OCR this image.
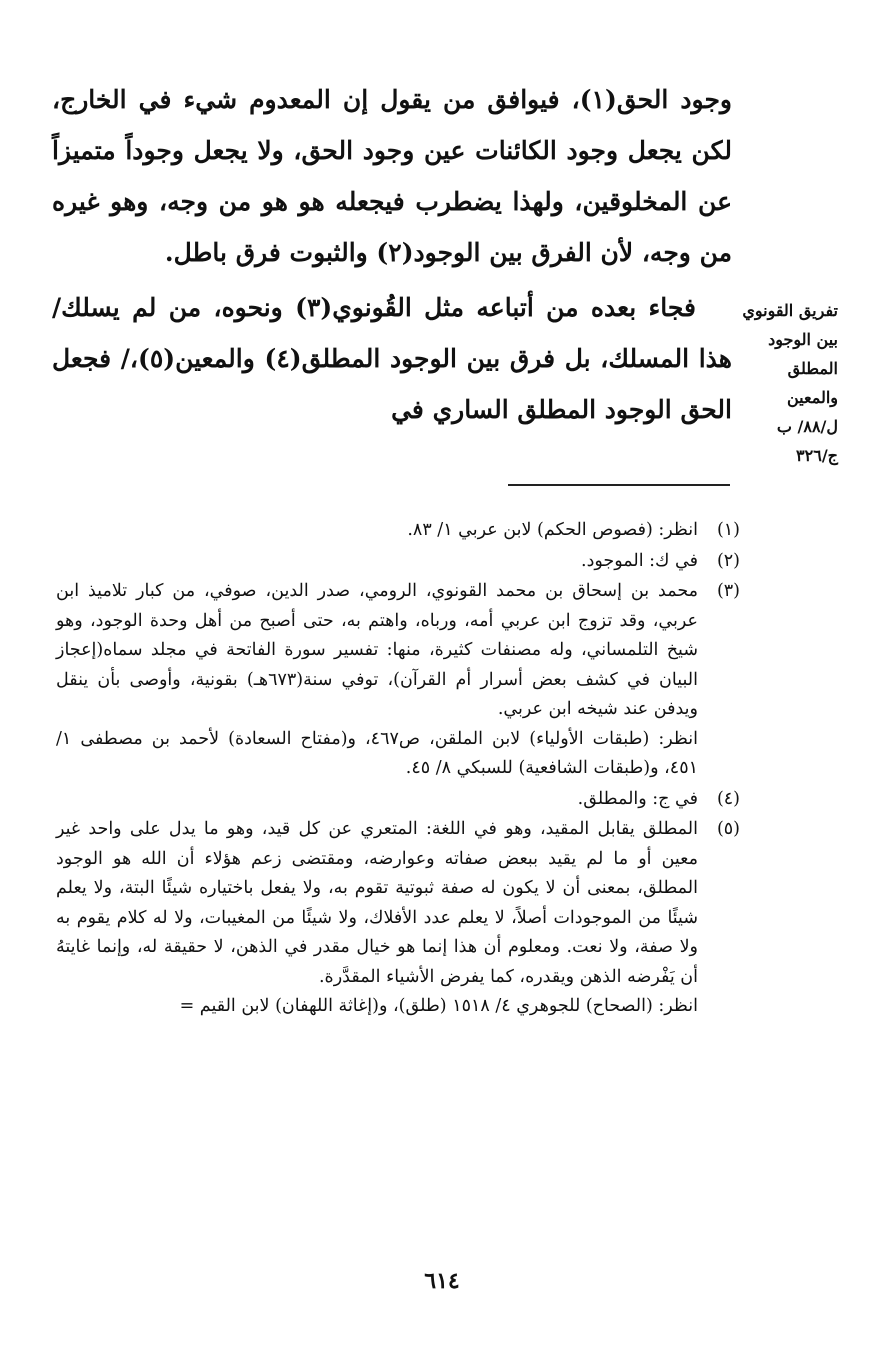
وجود الحق(١)، فيوافق من يقول إن المعدوم شيء في الخارج، لكن يجعل وجود الكائنات عين وجود الحق، ولا يجعل وجوداً متميزاً عن المخلوقين، ولهذا يضطرب فيجعله هو هو من وجه، وهو غيره من وجه، لأن الفرق بين الوجود(٢) والثبوت فرق باطل.

فجاء بعده من أتباعه مثل القُونوي(٣) ونحوه، من لم يسلك/ هذا المسلك، بل فرق بين الوجود المطلق(٤) والمعين(٥)،/ فجعل الحق الوجود المطلق الساري في

تفريق القونوي
بين الوجود
المطلق
والمعين
ل/٨٨/ ب
ج/٣٢٦
(١)

انظر: (فصوص الحكم) لابن عربي ١/ ٨٣.

(٢)

في ك: الموجود.

(٣)

محمد بن إسحاق بن محمد القونوي، الرومي، صدر الدين، صوفي، من كبار تلاميذ ابن عربي، وقد تزوج ابن عربي أمه، ورباه، واهتم به، حتى أصبح من أهل وحدة الوجود، وهو شيخ التلمساني، وله مصنفات كثيرة، منها: تفسير سورة الفاتحة في مجلد سماه(إعجاز البيان في كشف بعض أسرار أم القرآن)، توفي سنة(٦٧٣هـ) بقونية، وأوصى بأن ينقل ويدفن عند شيخه ابن عربي.

انظر: (طبقات الأولياء) لابن الملقن، ص٤٦٧، و(مفتاح السعادة) لأحمد بن مصطفى ١/ ٤٥١، و(طبقات الشافعية) للسبكي ٨/ ٤٥.

(٤)

في ج: والمطلق.

(٥)

المطلق يقابل المقيد، وهو في اللغة: المتعري عن كل قيد، وهو ما يدل على واحد غير معين أو ما لم يقيد ببعض صفاته وعوارضه، ومقتضى زعم هؤلاء أن الله هو الوجود المطلق، بمعنى أن لا يكون له صفة ثبوتية تقوم به، ولا يفعل باختياره شيئًا البتة، ولا يعلم شيئًا من الموجودات أصلاً، لا يعلم عدد الأفلاك، ولا شيئًا من المغيبات، ولا له كلام يقوم به ولا صفة، ولا نعت. ومعلوم أن هذا إنما هو خيال مقدر في الذهن، لا حقيقة له، وإنما غايتهُ أن يَفْرضه الذهن ويقدره، كما يفرض الأشياء المقدَّرة.

انظر: (الصحاح) للجوهري ٤/ ١٥١٨ (طلق)، و(إغاثة اللهفان) لابن القيم =

٦١٤
